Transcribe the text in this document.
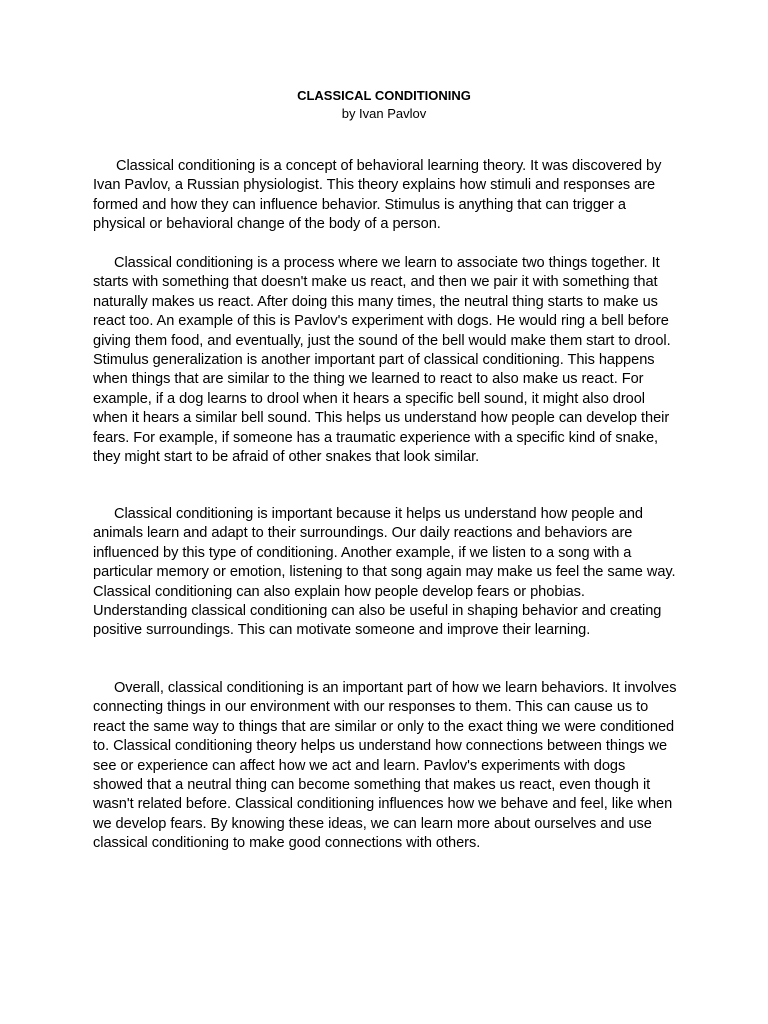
CLASSICAL CONDITIONING

by Ivan Pavlov

Classical conditioning is a concept of behavioral learning theory. It was discovered by Ivan Pavlov, a Russian physiologist. This theory explains how stimuli and responses are formed and how they can influence behavior. Stimulus is anything that can trigger a physical or behavioral change of the body of a person.

Classical conditioning is a process where we learn to associate two things together. It starts with something that doesn't make us react, and then we pair it with something that naturally makes us react. After doing this many times, the neutral thing starts to make us react too. An example of this is Pavlov's experiment with dogs. He would ring a bell before giving them food, and eventually, just the sound of the bell would make them start to drool. Stimulus generalization is another important part of classical conditioning. This happens when things that are similar to the thing we learned to react to also make us react. For example, if a dog learns to drool when it hears a specific bell sound, it might also drool when it hears a similar bell sound. This helps us understand how people can develop their fears. For example, if someone has a traumatic experience with a specific kind of snake, they might start to be afraid of other snakes that look similar.

Classical conditioning is important because it helps us understand how people and animals learn and adapt to their surroundings. Our daily reactions and behaviors are influenced by this type of conditioning. Another example, if we listen to a song with a particular memory or emotion, listening to that song again may make us feel the same way. Classical conditioning can also explain how people develop fears or phobias. Understanding classical conditioning can also be useful in shaping behavior and creating positive surroundings. This can motivate someone and improve their learning.

Overall, classical conditioning is an important part of how we learn behaviors. It involves connecting things in our environment with our responses to them. This can cause us to react the same way to things that are similar or only to the exact thing we were conditioned to. Classical conditioning theory helps us understand how connections between things we see or experience can affect how we act and learn. Pavlov's experiments with dogs showed that a neutral thing can become something that makes us react, even though it wasn't related before. Classical conditioning influences how we behave and feel, like when we develop fears. By knowing these ideas, we can learn more about ourselves and use classical conditioning to make good connections with others.
